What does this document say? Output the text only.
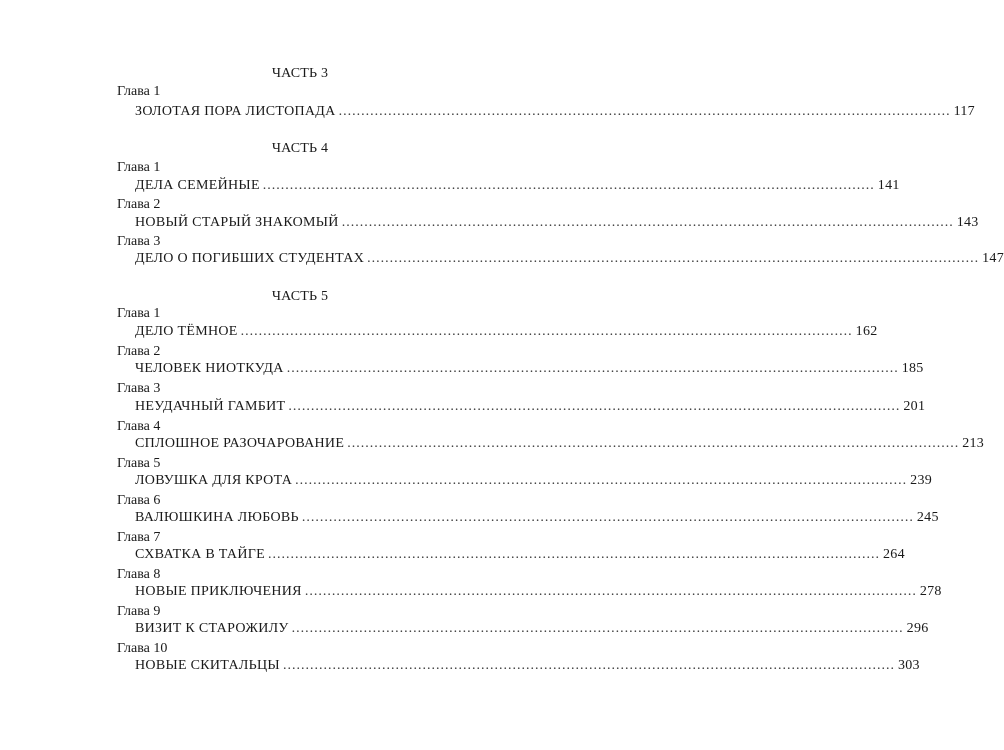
ЧАСТЬ 3
Глава 1
ЗОЛОТАЯ ПОРА ЛИСТОПАДА ........................................................................................................................................ 117
ЧАСТЬ 4
Глава 1
ДЕЛА СЕМЕЙНЫЕ ........................................................................................................................................ 141
Глава 2
НОВЫЙ СТАРЫЙ ЗНАКОМЫЙ ........................................................................................................................................ 143
Глава 3
ДЕЛО О ПОГИБШИХ СТУДЕНТАХ ........................................................................................................................................ 147
ЧАСТЬ 5
Глава 1
ДЕЛО ТЁМНОЕ ........................................................................................................................................ 162
Глава 2
ЧЕЛОВЕК НИОТКУДА ........................................................................................................................................ 185
Глава 3
НЕУДАЧНЫЙ ГАМБИТ ........................................................................................................................................ 201
Глава 4
СПЛОШНОЕ РАЗОЧАРОВАНИЕ ........................................................................................................................................ 213
Глава 5
ЛОВУШКА ДЛЯ КРОТА ........................................................................................................................................ 239
Глава 6
ВАЛЮШКИНА ЛЮБОВЬ ........................................................................................................................................ 245
Глава 7
СХВАТКА В ТАЙГЕ ........................................................................................................................................ 264
Глава 8
НОВЫЕ ПРИКЛЮЧЕНИЯ ........................................................................................................................................ 278
Глава 9
ВИЗИТ К СТАРОЖИЛУ ........................................................................................................................................ 296
Глава 10
НОВЫЕ СКИТАЛЬЦЫ ........................................................................................................................................ 303
